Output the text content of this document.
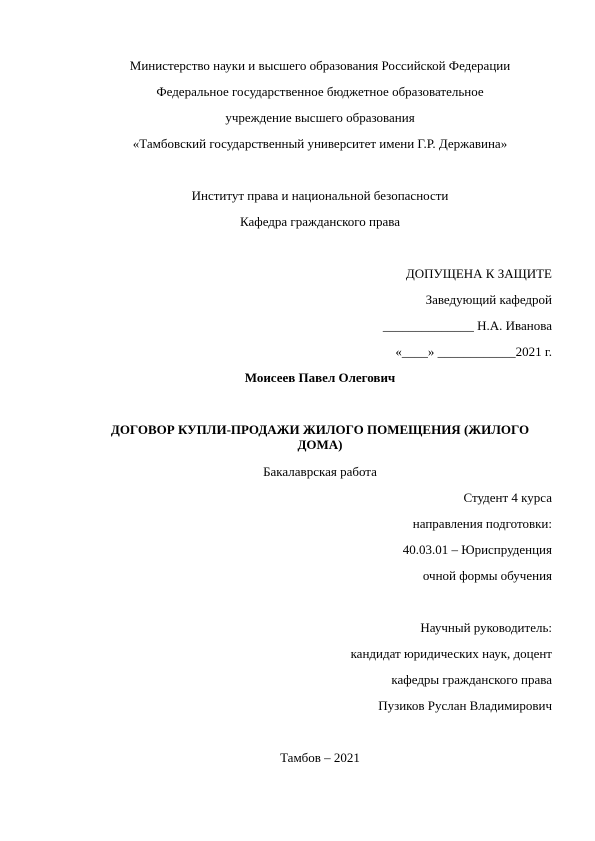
Министерство науки и высшего образования Российской Федерации
Федеральное государственное бюджетное образовательное
учреждение высшего образования
«Тамбовский государственный университет имени Г.Р. Державина»
Институт права и национальной безопасности
Кафедра гражданского права
ДОПУЩЕНА К ЗАЩИТЕ
Заведующий кафедрой
______________ Н.А. Иванова
«____» ____________2021 г.
Моисеев Павел Олегович
ДОГОВОР КУПЛИ-ПРОДАЖИ ЖИЛОГО ПОМЕЩЕНИЯ (ЖИЛОГО
ДОМА)
Бакалаврская работа
Студент 4 курса
направления подготовки:
40.03.01 – Юриспруденция
очной формы обучения
Научный руководитель:
кандидат юридических наук, доцент
кафедры гражданского права
Пузиков Руслан Владимирович
Тамбов – 2021
